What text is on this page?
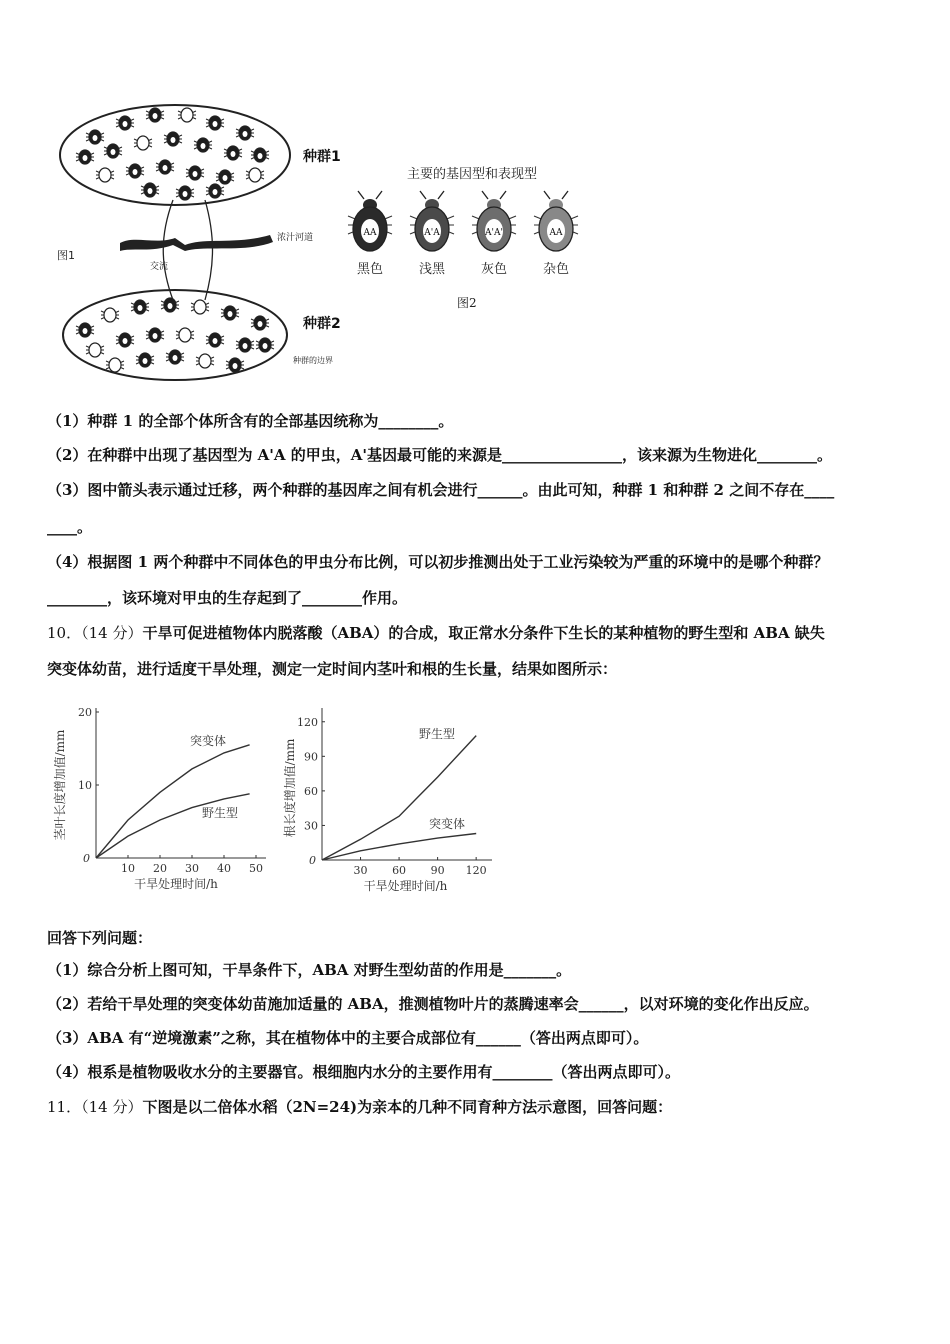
种群1
种群2
浓汁河道
交流
种群的边界
图1
主要的基因型和表现型
AA
黑色
A'A
浅黑
A'A'
灰色
AA
杂色
图2
（1）种群 1 的全部个体所含有的全部基因统称为________。
（2）在种群中出现了基因型为 A'A 的甲虫，A'基因最可能的来源是________________，该来源为生物进化________。
（3）图中箭头表示通过迁移，两个种群的基因库之间有机会进行______。由此可知，种群 1 和种群 2 之间不存在____
____。
（4）根据图 1 两个种群中不同体色的甲虫分布比例，可以初步推测出处于工业污染较为严重的环境中的是哪个种群？
________，该环境对甲虫的生存起到了________作用。
10．（14 分）干旱可促进植物体内脱落酸（ABA）的合成，取正常水分条件下生长的某种植物的野生型和 ABA 缺失
突变体幼苗，进行适度干旱处理，测定一定时间内茎叶和根的生长量，结果如图所示：
10 20 30 40 50
10
20
0
干旱处理时间/h
茎叶长度增加值/mm	突变体
野生型
30 60 90 120
30
60
90
120
0
干旱处理时间/h
根长度增加值/mm
野生型
突变体
回答下列问题：
（1）综合分析上图可知，干旱条件下，ABA 对野生型幼苗的作用是_______。
（2）若给干旱处理的突变体幼苗施加适量的 ABA，推测植物叶片的蒸腾速率会______，以对环境的变化作出反应。
（3）ABA 有“逆境激素”之称，其在植物体中的主要合成部位有______（答出两点即可）。
（4）根系是植物吸收水分的主要器官。根细胞内水分的主要作用有________（答出两点即可）。
11．（14 分）下图是以二倍体水稻（2N=24)为亲本的几种不同育种方法示意图，回答问题：
